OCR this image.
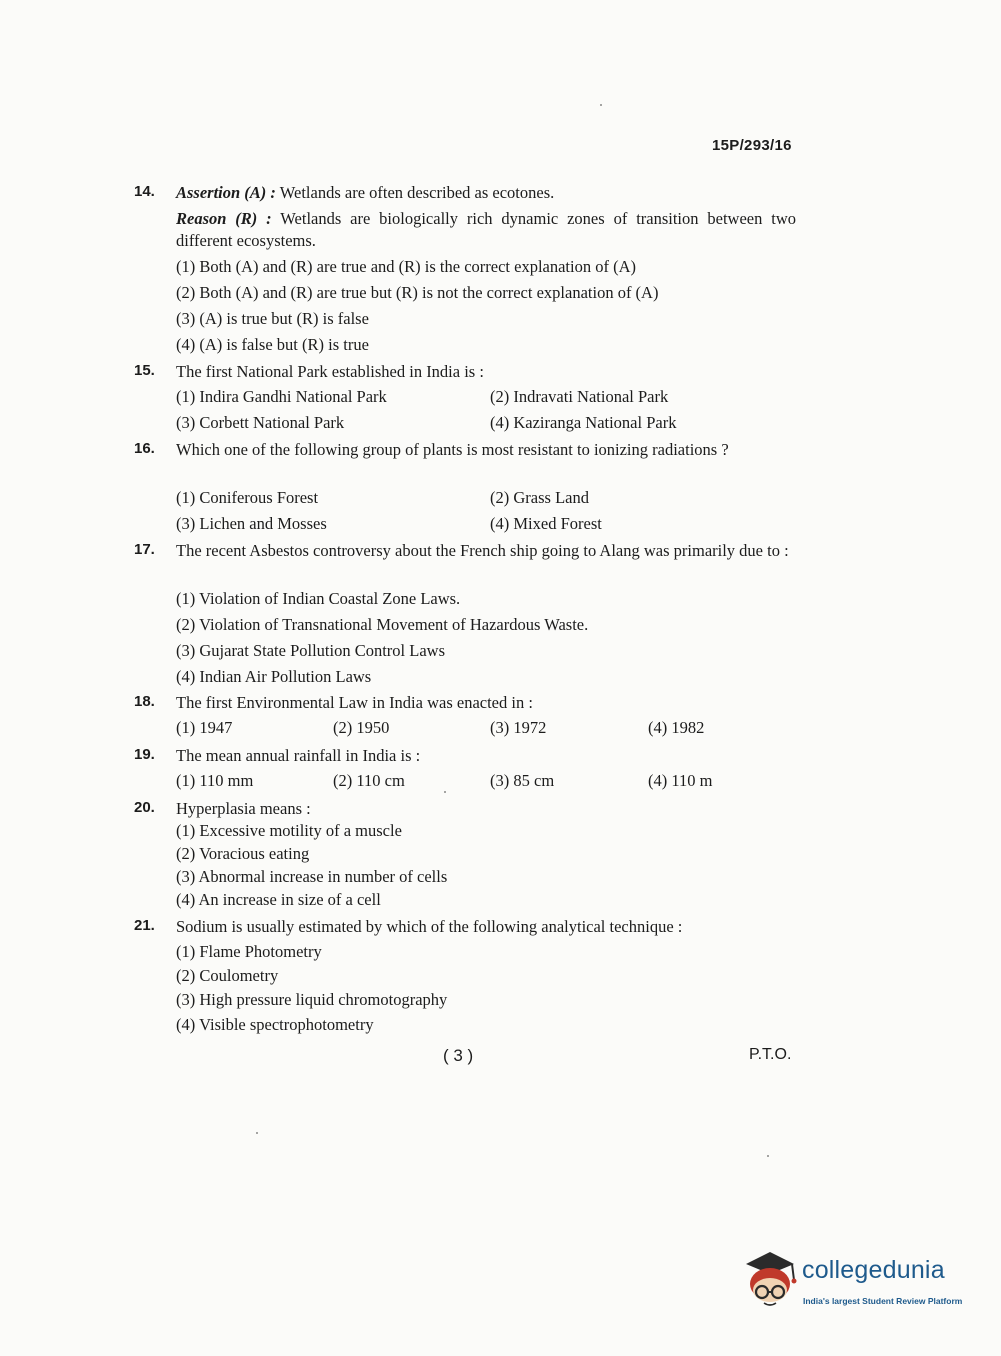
15P/293/16
14. Assertion (A) : Wetlands are often described as ecotones.
Reason (R) : Wetlands are biologically rich dynamic zones of transition between two different ecosystems.
(1) Both (A) and (R) are true and (R) is the correct explanation of (A)
(2) Both (A) and (R) are true but (R) is not the correct explanation of (A)
(3) (A) is true but (R) is false
(4) (A) is false but (R) is true
15. The first National Park established in India is :
(1) Indira Gandhi National Park	(2) Indravati National Park
(3) Corbett National Park	(4) Kaziranga National Park
16. Which one of the following group of plants is most resistant to ionizing radiations ?
(1) Coniferous Forest	(2) Grass Land
(3) Lichen and Mosses	(4) Mixed Forest
17. The recent Asbestos controversy about the French ship going to Alang was primarily due to :
(1) Violation of Indian Coastal Zone Laws.
(2) Violation of Transnational Movement of Hazardous Waste.
(3) Gujarat State Pollution Control Laws
(4) Indian Air Pollution Laws
18. The first Environmental Law in India was enacted in :
(1) 1947	(2) 1950	(3) 1972	(4) 1982
19. The mean annual rainfall in India is :
(1) 110 mm	(2) 110 cm	(3) 85 cm	(4) 110 m
20. Hyperplasia means :
(1) Excessive motility of a muscle
(2) Voracious eating
(3) Abnormal increase in number of cells
(4) An increase in size of a cell
21. Sodium is usually estimated by which of the following analytical technique :
(1) Flame Photometry
(2) Coulometry
(3) High pressure liquid chromotography
(4) Visible spectrophotometry
( 3 )	P.T.O.
collegedunia
India's largest Student Review Platform
